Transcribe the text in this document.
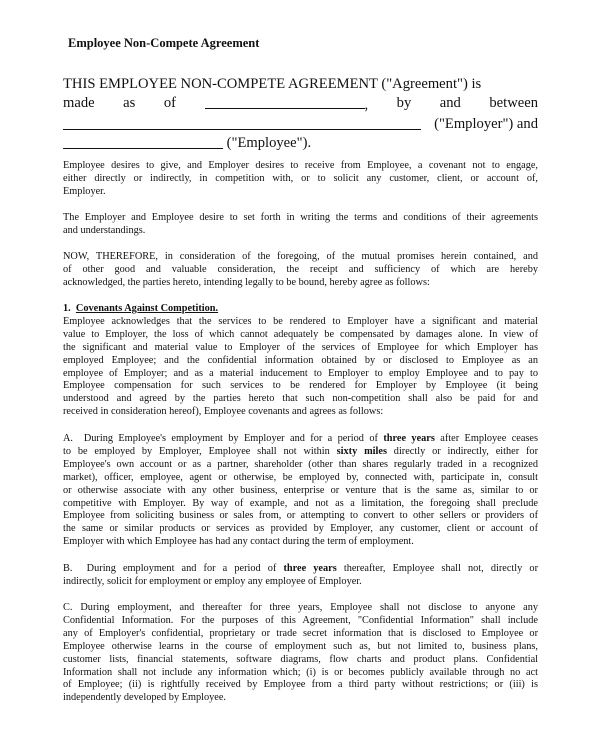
Employee Non-Compete Agreement
THIS EMPLOYEE NON-COMPETE AGREEMENT ("Agreement") is
made as of	, by and between
("Employer") and
("Employee").
Employee desires to give, and Employer desires to receive from Employee, a covenant not to engage,
either directly or indirectly, in competition with, or to solicit any customer, client, or account of,
Employer.
The Employer and Employee desire to set forth in writing the terms and conditions of their agreements
and understandings.
NOW, THEREFORE, in consideration of the foregoing, of the mutual promises herein contained, and
of other good and valuable consideration, the receipt and sufficiency of which are hereby
acknowledged, the parties hereto, intending legally to be bound, hereby agree as follows:
1. Covenants Against Competition.
Employee acknowledges that the services to be rendered to Employer have a significant and material
value to Employer, the loss of which cannot adequately be compensated by damages alone. In view of
the significant and material value to Employer of the services of Employee for which Employer has
employed Employee; and the confidential information obtained by or disclosed to Employee as an
employee of Employer; and as a material inducement to Employer to employ Employee and to pay to
Employee compensation for such services to be rendered for Employer by Employee (it being
understood and agreed by the parties hereto that such non-competition shall also be paid for and
received in consideration hereof), Employee covenants and agrees as follows:
A.  During Employee's employment by Employer and for a period of three years after Employee ceases
to be employed by Employer, Employee shall not within sixty miles directly or indirectly, either for
Employee's own account or as a partner, shareholder (other than shares regularly traded in a recognized
market), officer, employee, agent or otherwise, be employed by, connected with, participate in, consult
or otherwise associate with any other business, enterprise or venture that is the same as, similar to or
competitive with Employer. By way of example, and not as a limitation, the foregoing shall preclude
Employee from soliciting business or sales from, or attempting to convert to other sellers or providers of
the same or similar products or services as provided by Employer, any customer, client or account of
Employer with which Employee has had any contact during the term of employment.
B.  During employment and for a period of three years thereafter, Employee shall not, directly or
indirectly, solicit for employment or employ any employee of Employer.
C. During employment, and thereafter for three years, Employee shall not disclose to anyone any
Confidential Information. For the purposes of this Agreement, "Confidential Information" shall include
any of Employer's confidential, proprietary or trade secret information that is disclosed to Employee or
Employee otherwise learns in the course of employment such as, but not limited to, business plans,
customer lists, financial statements, software diagrams, flow charts and product plans. Confidential
Information shall not include any information which; (i) is or becomes publicly available through no act
of Employee; (ii) is rightfully received by Employee from a third party without restrictions; or (iii) is
independently developed by Employee.
